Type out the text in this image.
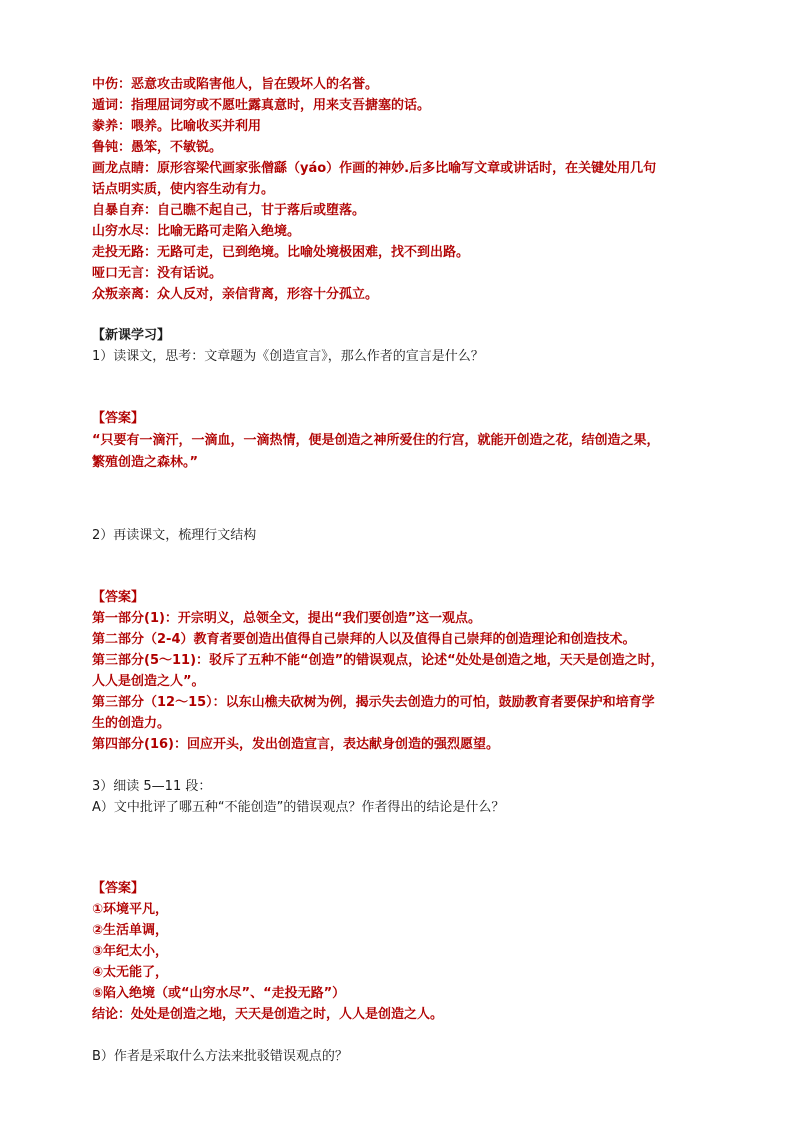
中伤：恶意攻击或陷害他人，旨在毁坏人的名誉。
遁词：指理屈词穷或不愿吐露真意时，用来支吾搪塞的话。
豢养：喂养。比喻收买并利用
鲁钝：愚笨，不敏锐。
画龙点睛：原形容梁代画家张僧繇（yáo）作画的神妙.后多比喻写文章或讲话时，在关键处用几句
话点明实质，使内容生动有力。
自暴自弃：自己瞧不起自己，甘于落后或堕落。
山穷水尽：比喻无路可走陷入绝境。
走投无路：无路可走，已到绝境。比喻处境极困难，找不到出路。
哑口无言：没有话说。
众叛亲离：众人反对，亲信背离，形容十分孤立。
【新课学习】
1）读课文，思考：文章题为《创造宣言》，那么作者的宣言是什么？
【答案】
“只要有一滴汗，一滴血，一滴热情，便是创造之神所爱住的行宫，就能开创造之花，结创造之果，
繁殖创造之森林。”
2）再读课文，梳理行文结构
【答案】
第一部分(1)：开宗明义，总领全文，提出“我们要创造”这一观点。
第二部分（2-4）教育者要创造出值得自己崇拜的人以及值得自己崇拜的创造理论和创造技术。
第三部分(5～11)：驳斥了五种不能“创造”的错误观点，论述“处处是创造之地，天天是创造之时，
人人是创造之人”。
第三部分（12～15）：以东山樵夫砍树为例，揭示失去创造力的可怕，鼓励教育者要保护和培育学
生的创造力。
第四部分(16)：回应开头，发出创造宣言，表达献身创造的强烈愿望。
3）细读 5—11 段：
A）文中批评了哪五种“不能创造”的错误观点？作者得出的结论是什么？
【答案】
①环境平凡，
②生活单调，
③年纪太小，
④太无能了，
⑤陷入绝境（或“山穷水尽”、“走投无路”）
结论：处处是创造之地，天天是创造之时，人人是创造之人。
B）作者是采取什么方法来批驳错误观点的？
